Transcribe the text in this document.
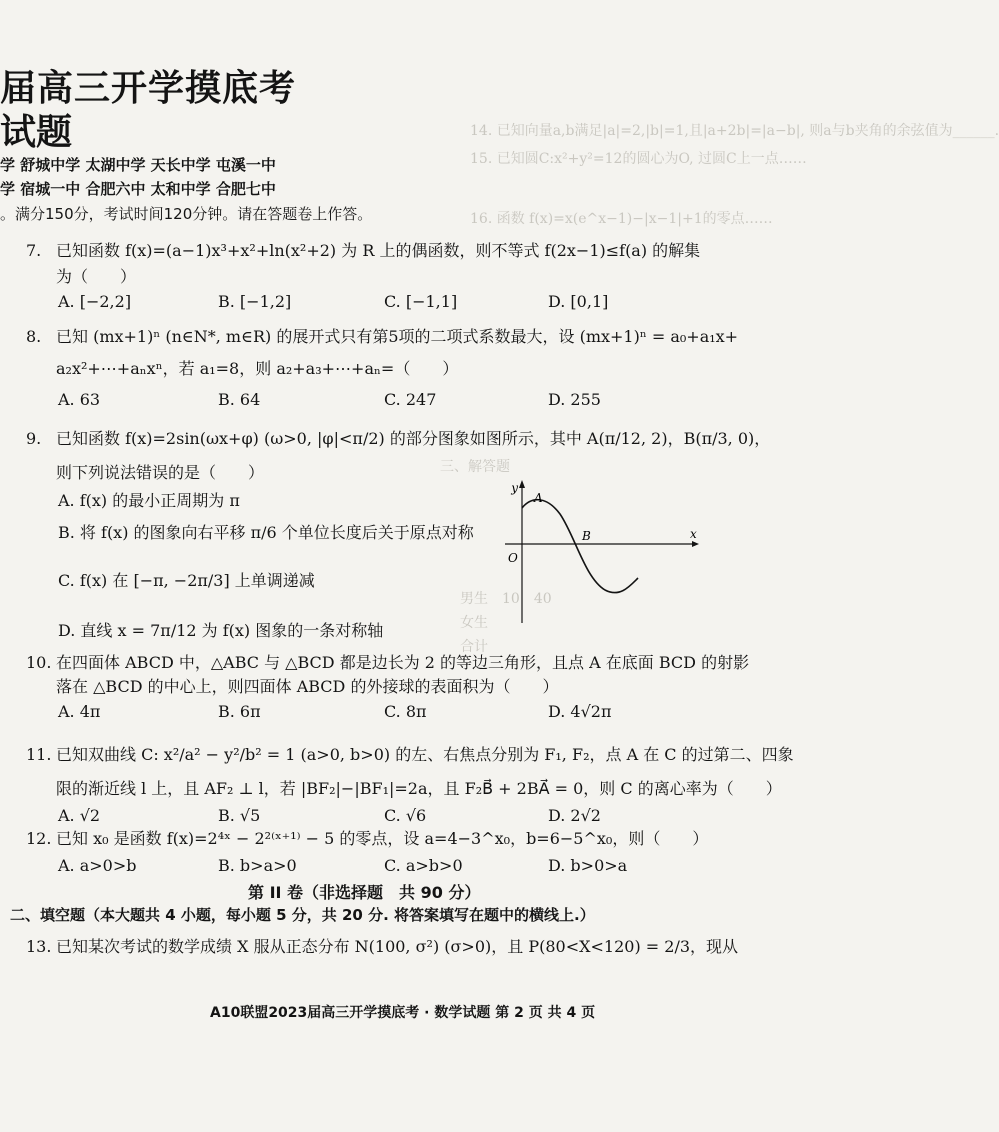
14. 已知向量a,b满足|a|=2,|b|=1,且|a+2b|=|a−b|, 则a与b夹角的余弦值为______.
15. 已知圆C:x²+y²=12的圆心为O, 过圆C上一点……
16. 函数 f(x)=x(e^x−1)−|x−1|+1的零点……
三、解答题
男生　10　40
女生
合计
届高三开学摸底考
试题
学 舒城中学 太湖中学 天长中学 屯溪一中
学 宿城一中 合肥六中 太和中学 合肥七中
。满分150分，考试时间120分钟。请在答题卷上作答。
7. 已知函数 f(x)=(a−1)x³+x²+ln(x²+2) 为 R 上的偶函数，则不等式 f(2x−1)≤f(a) 的解集
为（　　）
A. [−2,2]	B. [−1,2]	C. [−1,1]	D. [0,1]
8. 已知 (mx+1)ⁿ (n∈N*, m∈R) 的展开式只有第5项的二项式系数最大，设 (mx+1)ⁿ = a₀+a₁x+
a₂x²+⋯+aₙxⁿ，若 a₁=8，则 a₂+a₃+⋯+aₙ=（　　）
A. 63	B. 64	C. 247	D. 255
9. 已知函数 f(x)=2sin(ωx+φ) (ω>0, |φ|<π/2) 的部分图象如图所示，其中 A(π/12, 2)，B(π/3, 0)，
则下列说法错误的是（　　）
A. f(x) 的最小正周期为 π
B. 将 f(x) 的图象向右平移 π/6 个单位长度后关于原点对称
C. f(x) 在 [−π, −2π/3] 上单调递减
D. 直线 x = 7π/12 为 f(x) 图象的一条对称轴
y
x
O
A
B
10. 在四面体 ABCD 中，△ABC 与 △BCD 都是边长为 2 的等边三角形，且点 A 在底面 BCD 的射影
落在 △BCD 的中心上，则四面体 ABCD 的外接球的表面积为（　　）
A. 4π	B. 6π	C. 8π	D. 4√2π
11. 已知双曲线 C: x²/a² − y²/b² = 1 (a>0, b>0) 的左、右焦点分别为 F₁, F₂，点 A 在 C 的过第二、四象
限的渐近线 l 上，且 AF₂ ⊥ l，若 |BF₂|−|BF₁|=2a，且 F₂B⃗ + 2BA⃗ = 0，则 C 的离心率为（　　）
A. √2	B. √5	C. √6	D. 2√2
12. 已知 x₀ 是函数 f(x)=2⁴ˣ − 2²⁽ˣ⁺¹⁾ − 5 的零点，设 a=4−3^x₀，b=6−5^x₀，则（　　）
A. a>0>b	B. b>a>0	C. a>b>0	D. b>0>a
第 II 卷（非选择题　共 90 分）
二、填空题（本大题共 4 小题，每小题 5 分，共 20 分. 将答案填写在题中的横线上.）
13. 已知某次考试的数学成绩 X 服从正态分布 N(100, σ²) (σ>0)，且 P(80<X<120) = 2/3，现从
A10联盟2023届高三开学摸底考 · 数学试题 第 2 页 共 4 页
